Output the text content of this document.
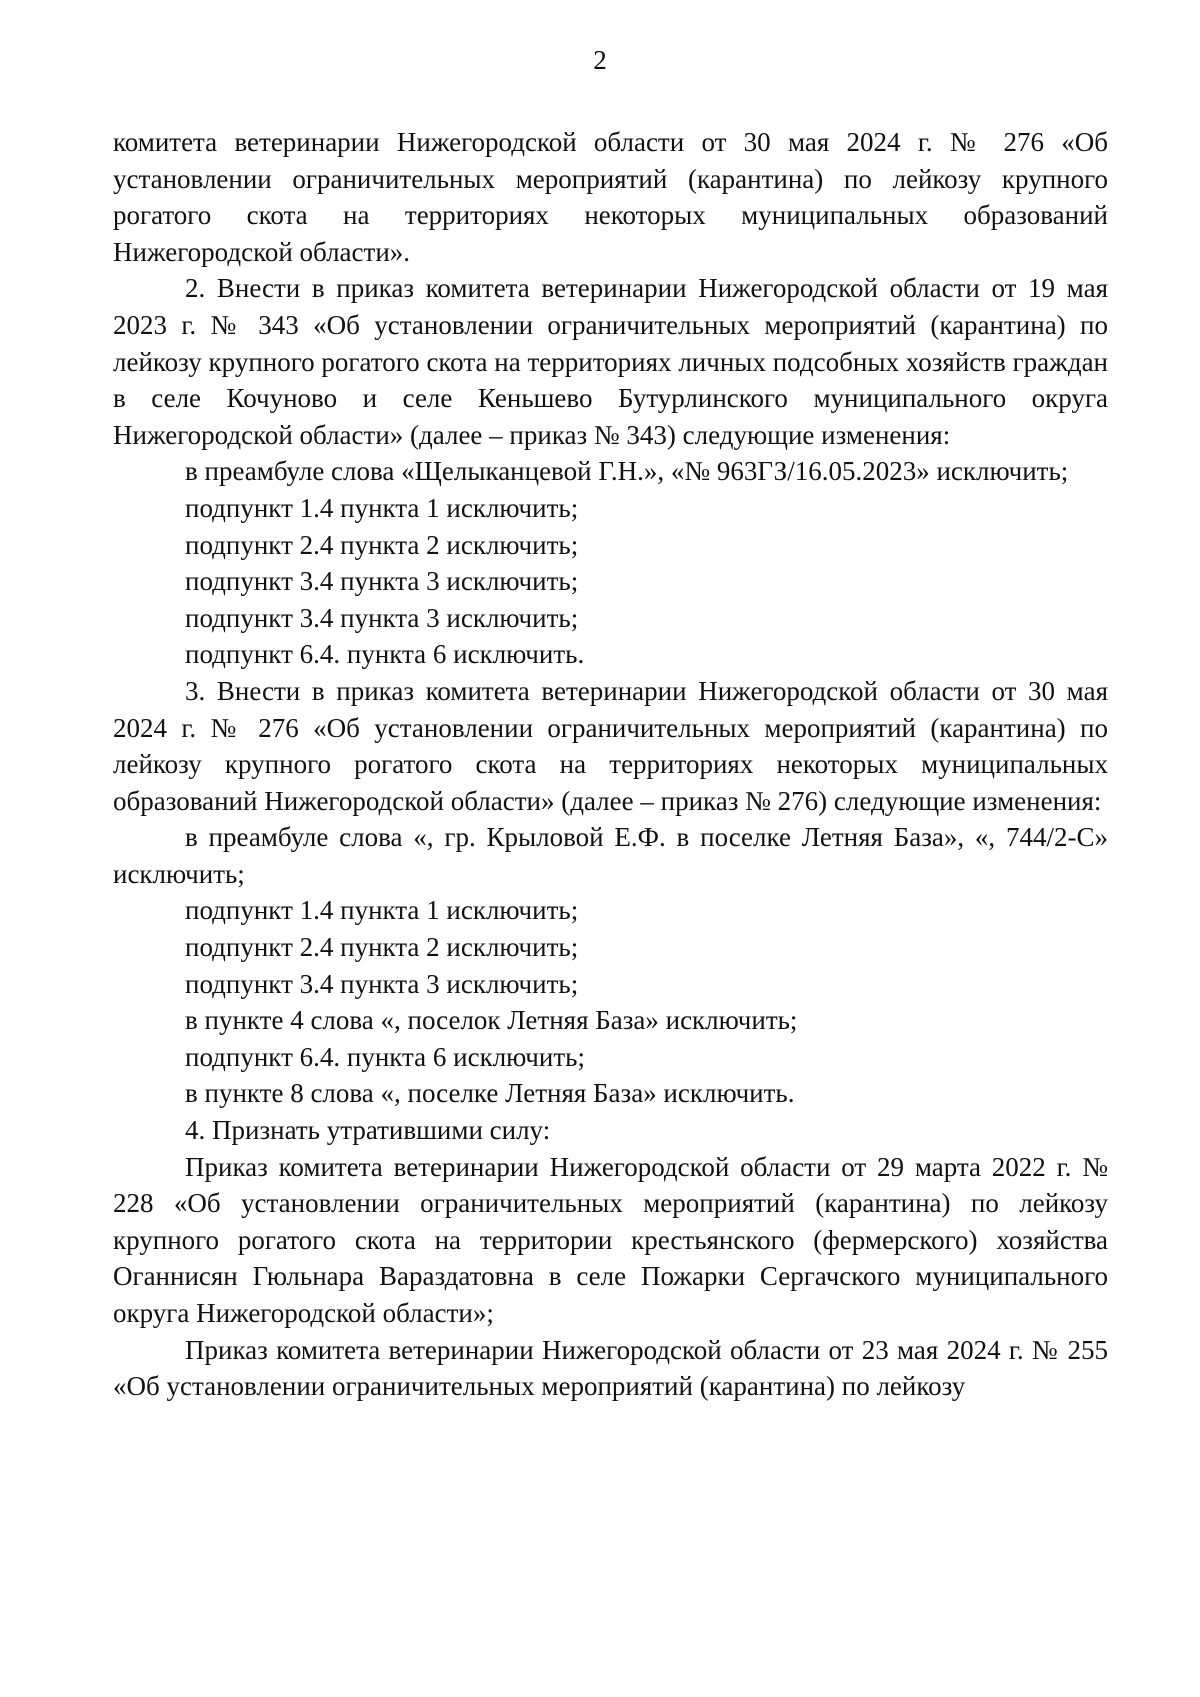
2

комитета ветеринарии Нижегородской области от 30 мая 2024 г. № 276 «Об установлении ограничительных мероприятий (карантина) по лейкозу крупного рогатого скота на территориях некоторых муниципальных образований Нижегородской области».

2. Внести в приказ комитета ветеринарии Нижегородской области от 19 мая 2023 г. № 343 «Об установлении ограничительных мероприятий (карантина) по лейкозу крупного рогатого скота на территориях личных подсобных хозяйств граждан в селе Кочуново и селе Кеньшево Бутурлинского муниципального округа Нижегородской области» (далее – приказ № 343) следующие изменения:

в преамбуле слова «Щелыканцевой Г.Н.», «№ 963ГЗ/16.05.2023» исключить;

подпункт 1.4 пункта 1 исключить;

подпункт 2.4 пункта 2 исключить;

подпункт 3.4 пункта 3 исключить;

подпункт 3.4 пункта 3 исключить;

подпункт 6.4. пункта 6 исключить.

3. Внести в приказ комитета ветеринарии Нижегородской области от 30 мая 2024 г. № 276 «Об установлении ограничительных мероприятий (карантина) по лейкозу крупного рогатого скота на территориях некоторых муниципальных образований Нижегородской области» (далее – приказ № 276) следующие изменения:

в преамбуле слова «, гр. Крыловой Е.Ф. в поселке Летняя База», «, 744/2-С» исключить;

подпункт 1.4 пункта 1 исключить;

подпункт 2.4 пункта 2 исключить;

подпункт 3.4 пункта 3 исключить;

в пункте 4 слова «, поселок Летняя База» исключить;

подпункт 6.4. пункта 6 исключить;

в пункте 8 слова «, поселке Летняя База» исключить.

4. Признать утратившими силу:

Приказ комитета ветеринарии Нижегородской области от 29 марта 2022 г. № 228 «Об установлении ограничительных мероприятий (карантина) по лейкозу крупного рогатого скота на территории крестьянского (фермерского) хозяйства Оганнисян Гюльнара Вараздатовна в селе Пожарки Сергачского муниципального округа Нижегородской области»;

Приказ комитета ветеринарии Нижегородской области от 23 мая 2024 г. № 255 «Об установлении ограничительных мероприятий (карантина) по лейкозу
